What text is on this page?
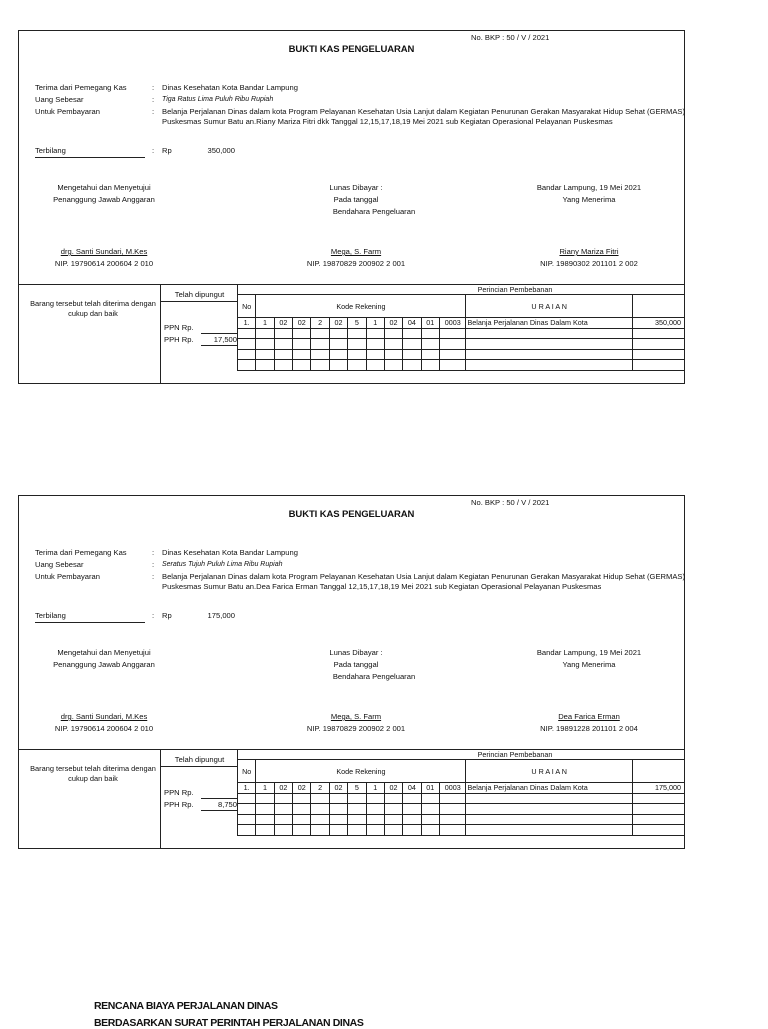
No. BKP : 50 / V / 2021
BUKTI KAS PENGELUARAN
Terima dari Pemegang Kas	: Dinas Kesehatan Kota Bandar Lampung
Uang Sebesar	: Tiga Ratus Lima Puluh Ribu Rupiah
Untuk Pembayaran	: Belanja Perjalanan Dinas dalam kota Program Pelayanan Kesehatan Usia Lanjut dalam Kegiatan Penurunan Gerakan Masyarakat Hidup Sehat (GERMAS)
Puskesmas Sumur Batu an.Riany Mariza Fitri dkk Tanggal 12,15,17,18,19 Mei 2021 sub Kegiatan Operasional Pelayanan Puskesmas
Terbilang	: Rp	350,000
Mengetahui dan Menyetujui
Penanggung Jawab Anggaran
Lunas Dibayar :
Pada tanggal
Bendahara Pengeluaran
Bandar Lampung, 19 Mei 2021
Yang Menerima
drg. Santi Sundari, M.Kes
NIP. 19790614 200604 2 010
Mega, S. Farm
NIP. 19870829 200902 2 001
Riany Mariza Fitri
NIP. 19890302 201101 2 002
Barang tersebut telah diterima dengan cukup dan baik
Telah dipungut
PPN Rp.

PPH Rp.	17,500
Perincian Pembebanan													
No	Kode Rekening											U R A I A N	
1.	1	02	02	2	02	5	1	02	04	01	0003	Belanja Perjalanan Dinas Dalam Kota	350,000

No. BKP : 50 / V / 2021
BUKTI KAS PENGELUARAN
Terima dari Pemegang Kas	: Dinas Kesehatan Kota Bandar Lampung
Uang Sebesar	: Seratus Tujuh Puluh Lima Ribu Rupiah
Untuk Pembayaran	: Belanja Perjalanan Dinas dalam kota Program Pelayanan Kesehatan Usia Lanjut dalam Kegiatan Penurunan Gerakan Masyarakat Hidup Sehat (GERMAS)
Puskesmas Sumur Batu an.Dea Farica Erman Tanggal 12,15,17,18,19 Mei 2021 sub Kegiatan Operasional Pelayanan Puskesmas
Terbilang	: Rp	175,000
Mengetahui dan Menyetujui
Penanggung Jawab Anggaran
Lunas Dibayar :
Pada tanggal
Bendahara Pengeluaran
Bandar Lampung, 19 Mei 2021
Yang Menerima
drg. Santi Sundari, M.Kes
NIP. 19790614 200604 2 010
Mega, S. Farm
NIP. 19870829 200902 2 001
Dea Farica Erman
NIP. 19891228 201101 2 004
Barang tersebut telah diterima dengan cukup dan baik
Telah dipungut
PPN Rp.

PPH Rp.	8,750
Perincian Pembebanan													
No	Kode Rekening											U R A I A N	
1.	1	02	02	2	02	5	1	02	04	01	0003	Belanja Perjalanan Dinas Dalam Kota	175,000

RENCANA BIAYA PERJALANAN DINAS
BERDASARKAN SURAT PERINTAH PERJALANAN DINAS
